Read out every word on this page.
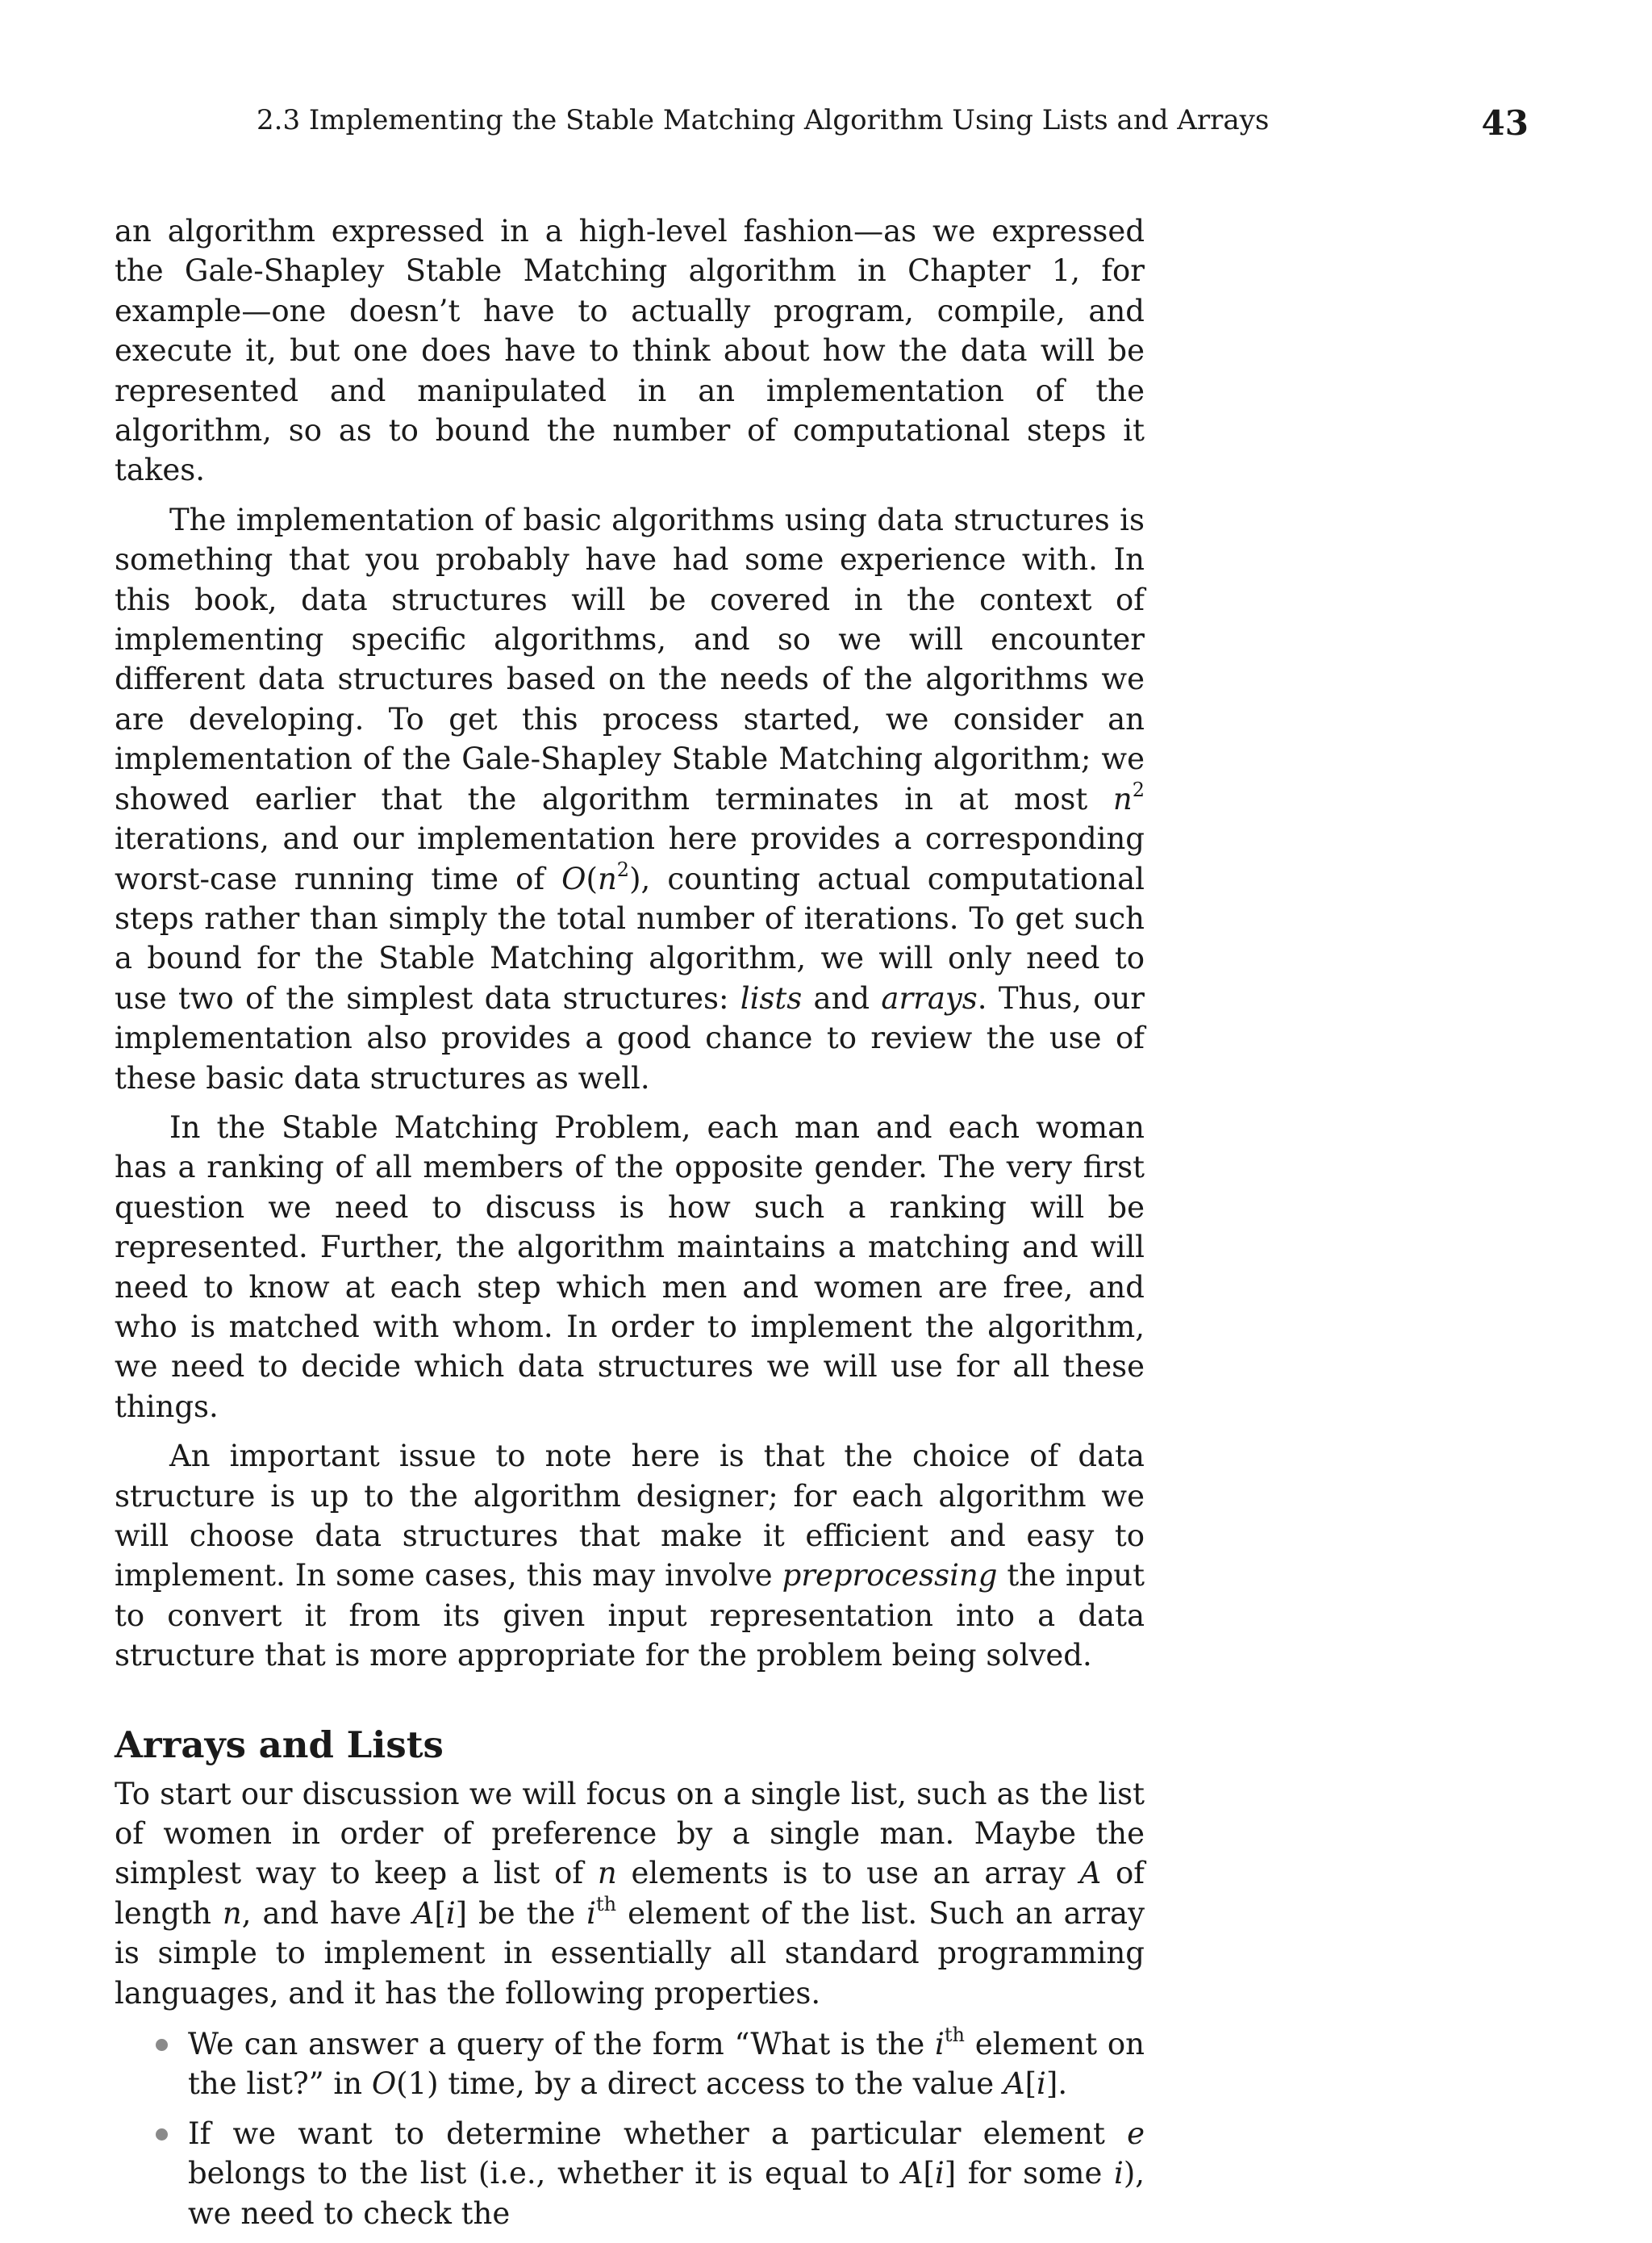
2.3 Implementing the Stable Matching Algorithm Using Lists and Arrays	43

an algorithm expressed in a high-level fashion—as we expressed the Gale-Shapley Stable Matching algorithm in Chapter 1, for example—one doesn’t have to actually program, compile, and execute it, but one does have to think about how the data will be represented and manipulated in an implementation of the algorithm, so as to bound the number of computational steps it takes.

The implementation of basic algorithms using data structures is something that you probably have had some experience with. In this book, data structures will be covered in the context of implementing specific algorithms, and so we will encounter different data structures based on the needs of the algorithms we are developing. To get this process started, we consider an implementation of the Gale-Shapley Stable Matching algorithm; we showed earlier that the algorithm terminates in at most $n^2$ iterations, and our implementation here provides a corresponding worst-case running time of $O(n^2)$, counting actual computational steps rather than simply the total number of iterations. To get such a bound for the Stable Matching algorithm, we will only need to use two of the simplest data structures: lists and arrays. Thus, our implementation also provides a good chance to review the use of these basic data structures as well.

In the Stable Matching Problem, each man and each woman has a ranking of all members of the opposite gender. The very first question we need to discuss is how such a ranking will be represented. Further, the algorithm maintains a matching and will need to know at each step which men and women are free, and who is matched with whom. In order to implement the algorithm, we need to decide which data structures we will use for all these things.

An important issue to note here is that the choice of data structure is up to the algorithm designer; for each algorithm we will choose data structures that make it efficient and easy to implement. In some cases, this may involve preprocessing the input to convert it from its given input representation into a data structure that is more appropriate for the problem being solved.

Arrays and Lists

To start our discussion we will focus on a single list, such as the list of women in order of preference by a single man. Maybe the simplest way to keep a list of n elements is to use an array A of length n, and have A[i] be the $i^{th}$ element of the list. Such an array is simple to implement in essentially all standard programming languages, and it has the following properties.

We can answer a query of the form “What is the $i^{th}$ element on the list?” in O(1) time, by a direct access to the value A[i].
If we want to determine whether a particular element e belongs to the list (i.e., whether it is equal to A[i] for some i), we need to check the
